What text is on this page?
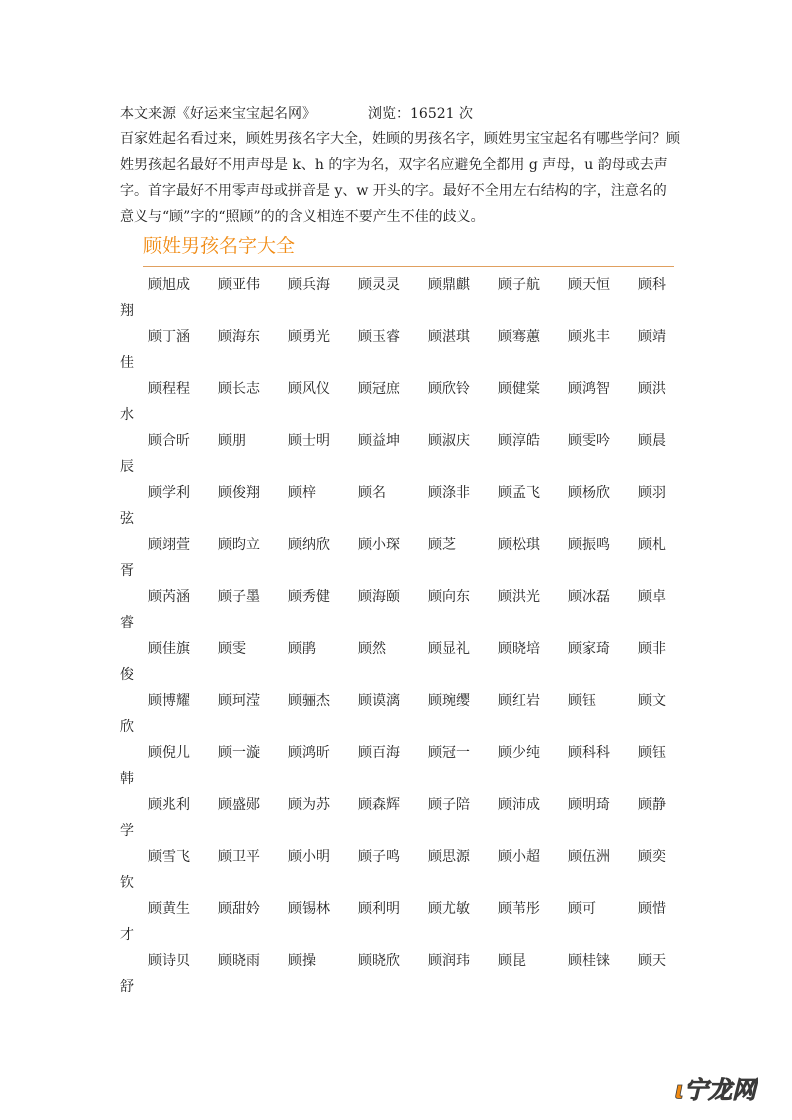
本文来源《好运来宝宝起名网》	浏览：16521 次

百家姓起名看过来，顾姓男孩名字大全，姓顾的男孩名字，顾姓男宝宝起名有哪些学问？顾姓男孩起名最好不用声母是 k、h 的字为名，双字名应避免全都用 g 声母，u 韵母或去声字。首字最好不用零声母或拼音是 y、w 开头的字。最好不全用左右结构的字，注意名的意义与“顾”字的“照顾”的的含义相连不要产生不佳的歧义。

顾姓男孩名字大全
顾旭成 顾亚伟 顾兵海 顾灵灵 顾鼎麒 顾子航 顾天恒 顾科
翔
顾丁涵 顾海东 顾勇光 顾玉睿 顾湛琪 顾骞蕙 顾兆丰 顾靖
佳
顾程程 顾长志 顾风仪 顾冠庶 顾欣铃 顾健棠 顾鸿智 顾洪
水
顾合昕 顾朋	顾士明 顾益坤 顾淑庆 顾淳皓 顾雯吟 顾晨
辰
顾学利 顾俊翔 顾梓	顾名	顾涤非 顾孟飞 顾杨欣 顾羽
弦
顾翊萱 顾昀立 顾纳欣 顾小琛 顾芝	顾松琪 顾振鸣 顾札
胥
顾芮涵 顾子墨 顾秀健 顾海颐 顾向东 顾洪光 顾冰磊 顾卓
睿
顾佳旗 顾雯	顾鹃	顾然	顾显礼 顾晓培 顾家琦 顾非
俊
顾博耀 顾珂滢 顾骊杰 顾谟漓 顾琬缨 顾红岩 顾钰	顾文
欣
顾倪儿 顾一漩 顾鸿昕 顾百海 顾冠一 顾少纯 顾科科 顾钰
韩
顾兆利 顾盛郧 顾为苏 顾森辉 顾子陪 顾沛成 顾明琦 顾静
学
顾雪飞 顾卫平 顾小明 顾子鸣 顾思源 顾小超 顾伍洲 顾奕
钦
顾黄生 顾甜妗 顾锡林 顾利明 顾尤敏 顾苇彤 顾可	顾惜
才
顾诗贝 顾晓雨 顾操	顾晓欣 顾润玮 顾昆	顾桂铼 顾天
舒
ι宁龙网
